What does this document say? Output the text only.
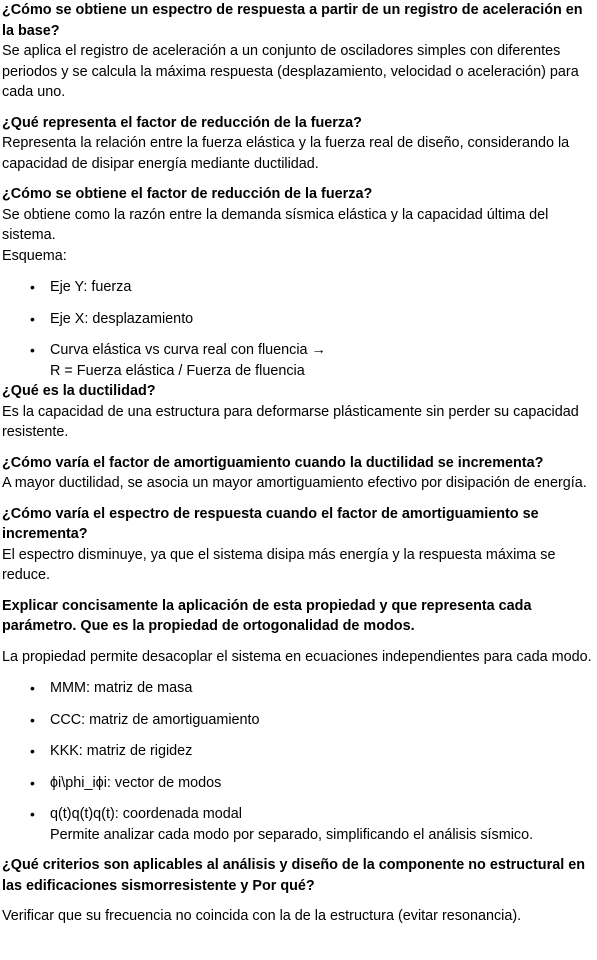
¿Cómo se obtiene un espectro de respuesta a partir de un registro de aceleración en la base?

Se aplica el registro de aceleración a un conjunto de osciladores simples con diferentes periodos y se calcula la máxima respuesta (desplazamiento, velocidad o aceleración) para cada uno.

¿Qué representa el factor de reducción de la fuerza?

Representa la relación entre la fuerza elástica y la fuerza real de diseño, considerando la capacidad de disipar energía mediante ductilidad.

¿Cómo se obtiene el factor de reducción de la fuerza?

Se obtiene como la razón entre la demanda sísmica elástica y la capacidad última del sistema.

Esquema:

• Eje Y: fuerza
• Eje X: desplazamiento
• Curva elástica vs curva real con fluencia →
R = Fuerza elástica / Fuerza de fluencia

¿Qué es la ductilidad?

Es la capacidad de una estructura para deformarse plásticamente sin perder su capacidad resistente.

¿Cómo varía el factor de amortiguamiento cuando la ductilidad se incrementa?

A mayor ductilidad, se asocia un mayor amortiguamiento efectivo por disipación de energía.

¿Cómo varía el espectro de respuesta cuando el factor de amortiguamiento se incrementa?

El espectro disminuye, ya que el sistema disipa más energía y la respuesta máxima se reduce.

Explicar concisamente la aplicación de esta propiedad y que representa cada parámetro. Que es la propiedad de ortogonalidad de modos.

La propiedad permite desacoplar el sistema en ecuaciones independientes para cada modo.

• MMM: matriz de masa
• CCC: matriz de amortiguamiento
• KKK: matriz de rigidez
• ϕi\phi_iϕi: vector de modos
• q(t)q(t)q(t): coordenada modal
Permite analizar cada modo por separado, simplificando el análisis sísmico.

¿Qué criterios son aplicables al análisis y diseño de la componente no estructural en las edificaciones sismorresistente y Por qué?

Verificar que su frecuencia no coincida con la de la estructura (evitar resonancia).
